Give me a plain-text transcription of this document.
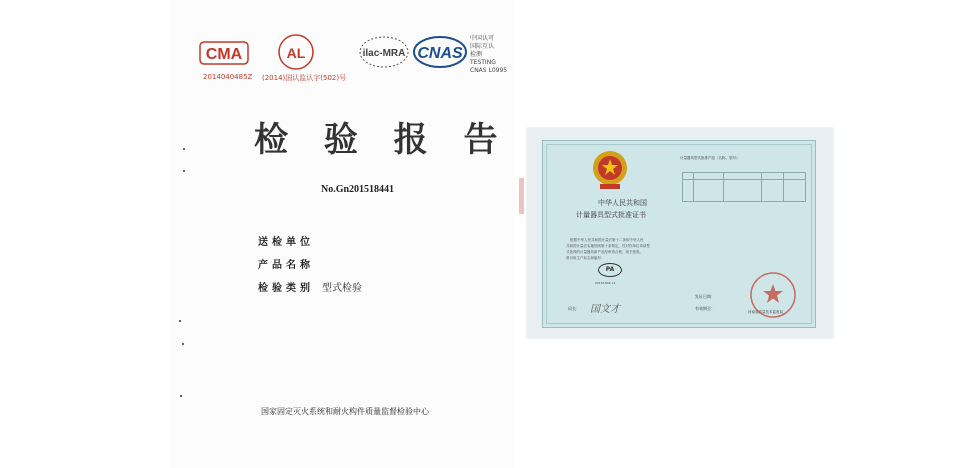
CMA
2014040485Z
AL
(2014)国认监认字(502)号
ilac-MRA CNAS
中国认可
国际互认
检测
TESTING
CNAS L0995
检 验 报 告
No.Gn201518441
送检单位
产品名称
检验类别 型式检验
国家固定灭火系统和耐火构件质量监督检验中心
中华人民共和国
计量器具型式批准证书
计量器具型式批准产品（名称、型号）
根据中华人民共和国计量法第十二条和中华人民
共和国计量法实施细则第十条规定，经对你单位申请型
式批准的计量器具新产品经审查合格，现予批准。
准可用生产标志和编号：
PA
2015C304-11
局长： 国文才
发证日期：
有效期至：
河南省质量技术监督局
